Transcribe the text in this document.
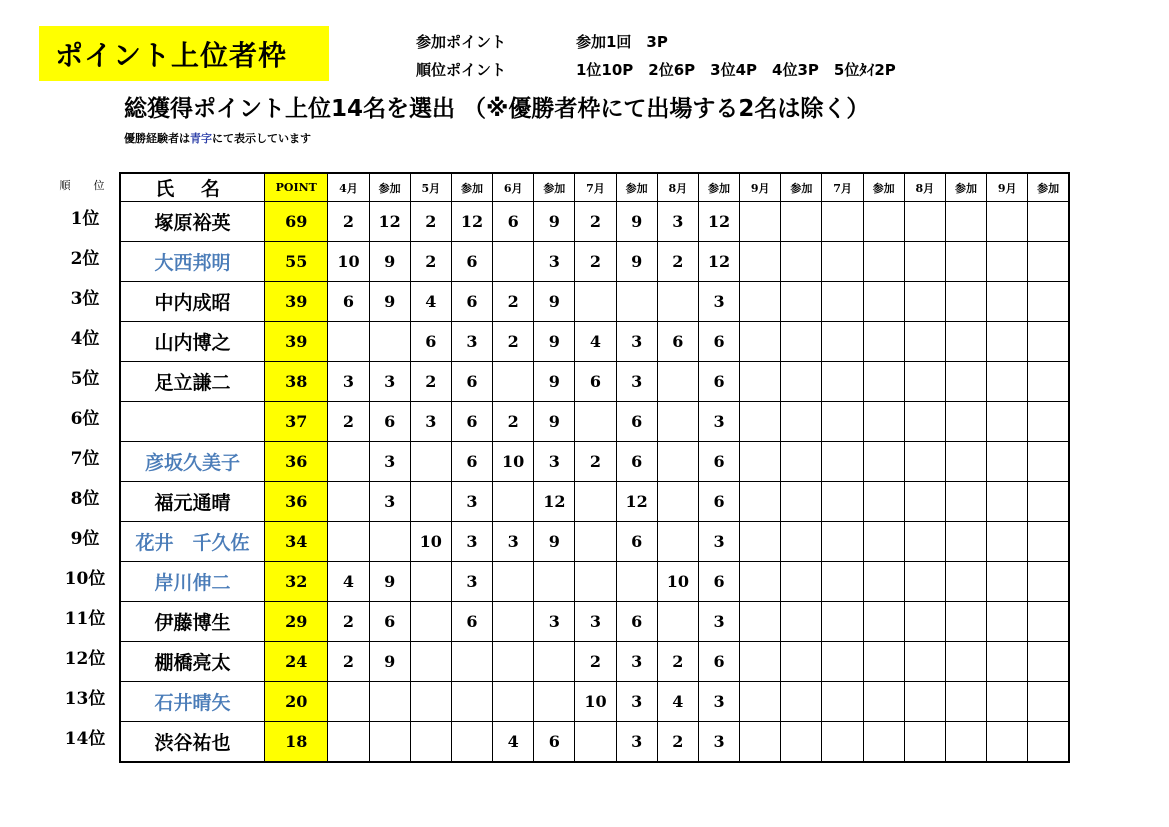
ポイント上位者枠	参加ポイント	参加1回　3P
順位ポイント	1位10P　2位6P　3位4P　4位3P　5位ﾀｲ2P
総獲得ポイント上位14名を選出 （※優勝者枠にて出場する2名は除く）
優勝経験者は青字にて表示しています
順　位
1位
2位
3位
4位
5位
6位
7位
8位
9位
10位
11位
12位
13位
14位
氏 名	POINT	4月	参加	5月	参加	6月	参加	7月	参加	8月	参加	9月	参加	7月	参加	8月	参加	9月	参加
塚原裕英	69	2	12	2	12	6	9	2	9	3	12								
大西邦明	55	10	9	2	6		3	2	9	2	12								
中内成昭	39	6	9	4	6	2	9				3								
山内博之	39			6	3	2	9	4	3	6	6								
足立謙二	38	3	3	2	6		9	6	3		6								
	37	2	6	3	6	2	9		6		3								
彦坂久美子	36		3		6	10	3	2	6		6								
福元通晴	36		3		3		12		12		6								
花井　千久佐	34			10	3	3	9		6		3								
岸川伸二	32	4	9		3					10	6								
伊藤博生	29	2	6		6		3	3	6		3								
棚橋亮太	24	2	9					2	3	2	6								
石井晴矢	20							10	3	4	3								
渋谷祐也	18					4	6		3	2	3								
